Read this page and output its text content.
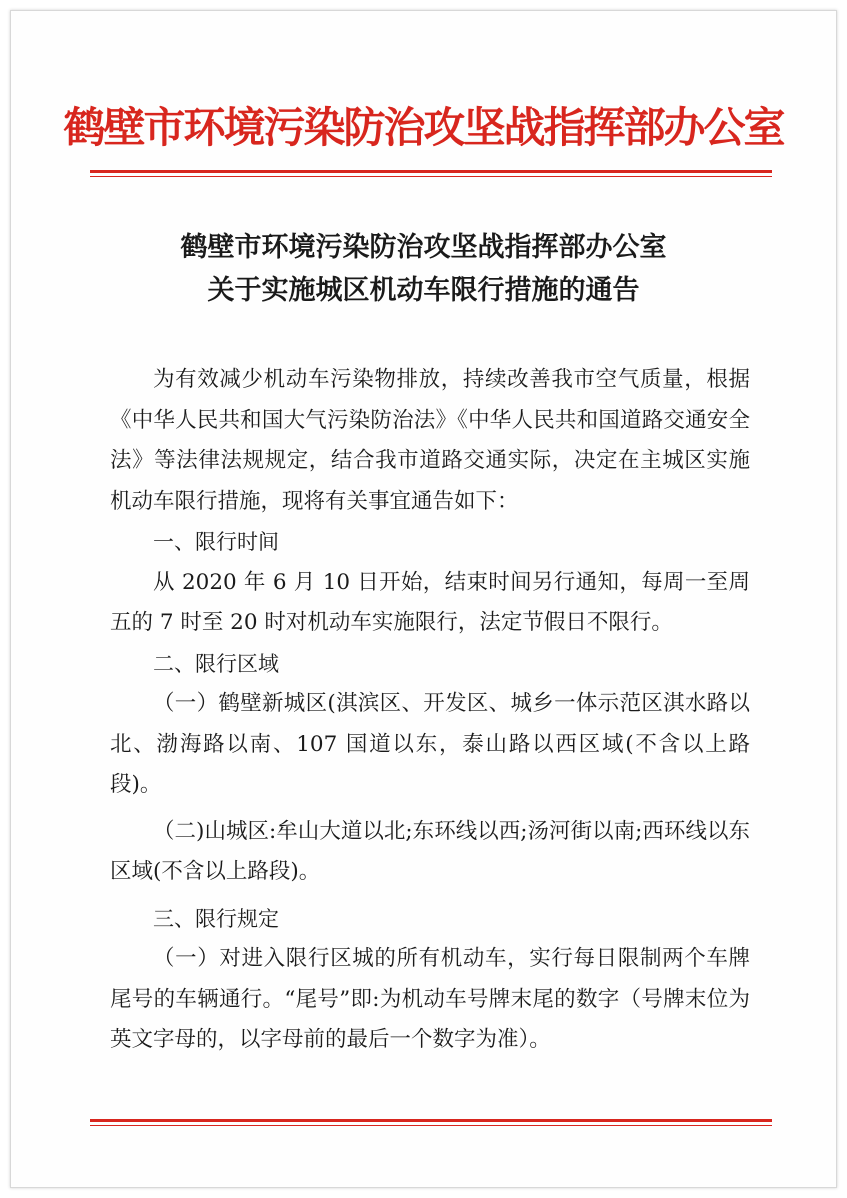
鹤壁市环境污染防治攻坚战指挥部办公室
鹤壁市环境污染防治攻坚战指挥部办公室
关于实施城区机动车限行措施的通告

为有效减少机动车污染物排放，持续改善我市空气质量，根据《中华人民共和国大气污染防治法》《中华人民共和国道路交通安全法》等法律法规规定，结合我市道路交通实际，决定在主城区实施机动车限行措施，现将有关事宜通告如下：

一、限行时间

从 2020 年 6 月 10 日开始，结束时间另行通知，每周一至周五的 7 时至 20 时对机动车实施限行，法定节假日不限行。

二、限行区域

（一）鹤壁新城区(淇滨区、开发区、城乡一体示范区淇水路以北、渤海路以南、107 国道以东，泰山路以西区域(不含以上路段)。

（二)山城区:牟山大道以北;东环线以西;汤河街以南;西环线以东区域(不含以上路段)。

三、限行规定

（一）对进入限行区城的所有机动车，实行每日限制两个车牌尾号的车辆通行。“尾号”即:为机动车号牌末尾的数字（号牌末位为英文字母的，以字母前的最后一个数字为准）。
